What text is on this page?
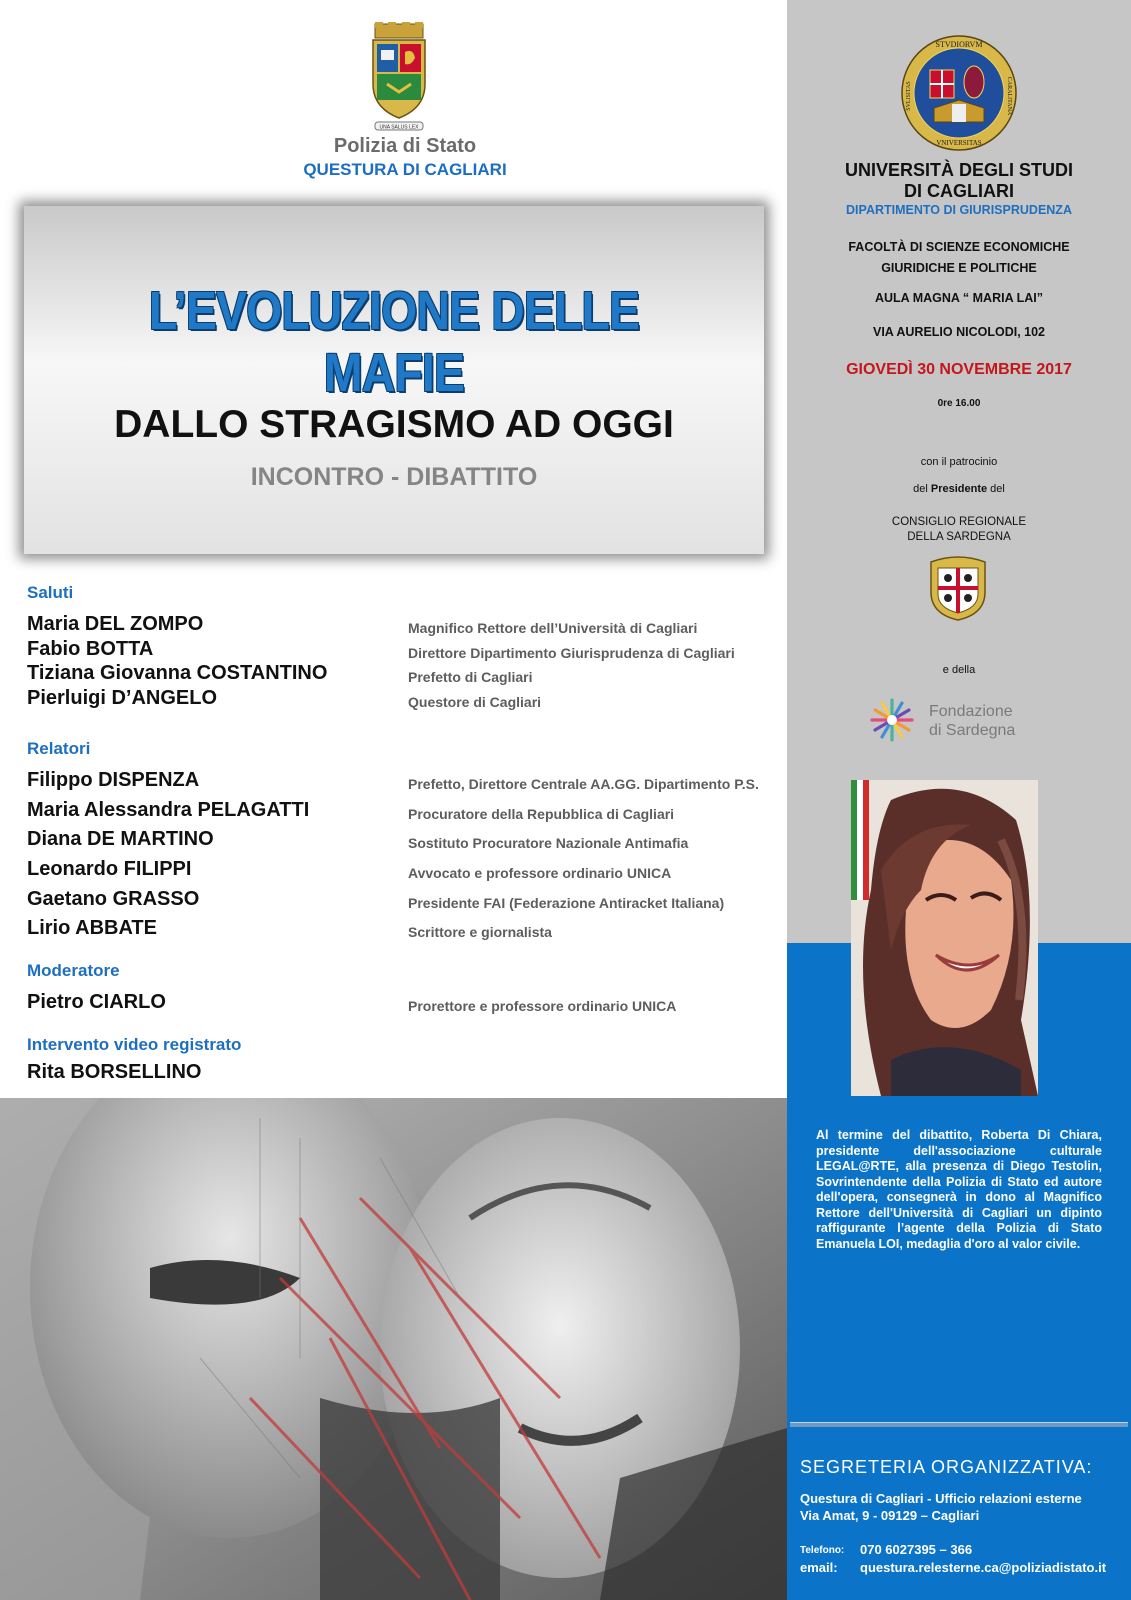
UNA SALUS LEX
Polizia di Stato
QUESTURA DI CAGLIARI
L’EVOLUZIONE DELLE MAFIE
DALLO STRAGISMO AD OGGI
INCONTRO - DIBATTITO
Saluti
Maria DEL ZOMPO	Magnifico Rettore dell’Università di Cagliari
Fabio BOTTA	Direttore Dipartimento Giurisprudenza di Cagliari
Tiziana Giovanna COSTANTINO	Prefetto di Cagliari
Pierluigi D’ANGELO	Questore di Cagliari
Relatori
Filippo DISPENZA	Prefetto, Direttore Centrale AA.GG. Dipartimento P.S.
Maria Alessandra PELAGATTI	Procuratore della Repubblica di Cagliari
Diana DE MARTINO	Sostituto Procuratore Nazionale Antimafia
Leonardo FILIPPI	Avvocato e professore ordinario UNICA
Gaetano GRASSO	Presidente FAI (Federazione Antiracket Italiana)
Lirio ABBATE	Scrittore e giornalista
Moderatore
Pietro CIARLO	Prorettore e professore ordinario UNICA
Intervento video registrato
Rita BORSELLINO
STVDIORVM
SVLISITAS	CARALITANA
VNIVERSITAS
UNIVERSITÀ DEGLI STUDI
DI CAGLIARI
DIPARTIMENTO DI GIURISPRUDENZA
FACOLTÀ DI SCIENZE ECONOMICHE
GIURIDICHE E POLITICHE
AULA MAGNA “ MARIA LAI”
VIA AURELIO NICOLODI, 102
GIOVEDÌ 30 NOVEMBRE 2017
0re 16.00
con il patrocinio
del Presidente del
CONSIGLIO REGIONALE
DELLA SARDEGNA
e della
Fondazione
di Sardegna
Al termine del dibattito, Roberta Di Chiara, presidente dell'associazione culturale LEGAL@RTE, alla presenza di Diego Testolin, Sovrintendente della Polizia di Stato ed autore dell'opera, consegnerà in dono al Magnifico Rettore dell'Università di Cagliari un dipinto raffigurante l’agente della Polizia di Stato Emanuela LOI, medaglia d'oro al valor civile.
SEGRETERIA ORGANIZZATIVA:
Questura di Cagliari - Ufficio relazioni esterne
Via Amat, 9 - 09129 – Cagliari
Telefono: 070 6027395 – 366
email: questura.relesterne.ca@poliziadistato.it
